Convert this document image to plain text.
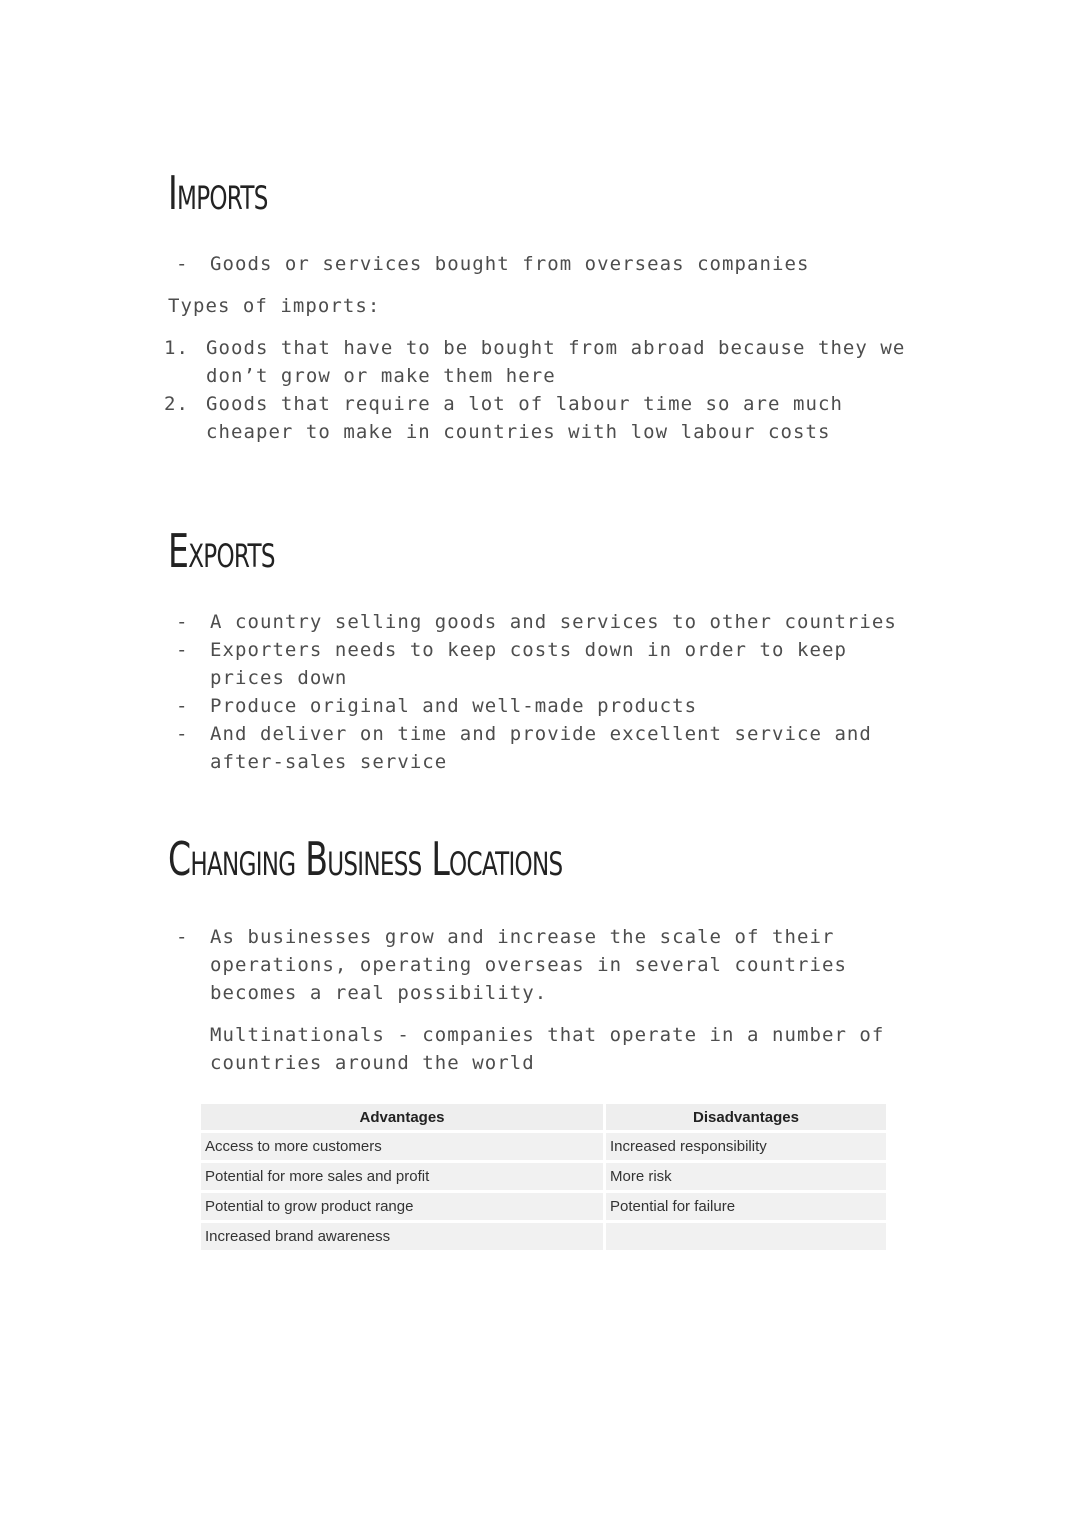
Imports
-	Goods or services bought from overseas companies

Types of imports:

1. Goods that have to be bought from abroad because they we
don’t grow or make them here
2. Goods that require a lot of labour time so are much
cheaper to make in countries with low labour costs
Exports
-	A country selling goods and services to other countries
-	Exporters needs to keep costs down in order to keep
prices down
-	Produce original and well-made products
-	And deliver on time and provide excellent service and
after-sales service
Changing Business Locations
-	As businesses grow and increase the scale of their
operations, operating overseas in several countries
becomes a real possibility.

Multinationals - companies that operate in a number of
countries around the world

Advantages	Disadvantages
Access to more customers	Increased responsibility
Potential for more sales and profit	More risk
Potential to grow product range	Potential for failure
Increased brand awareness	
